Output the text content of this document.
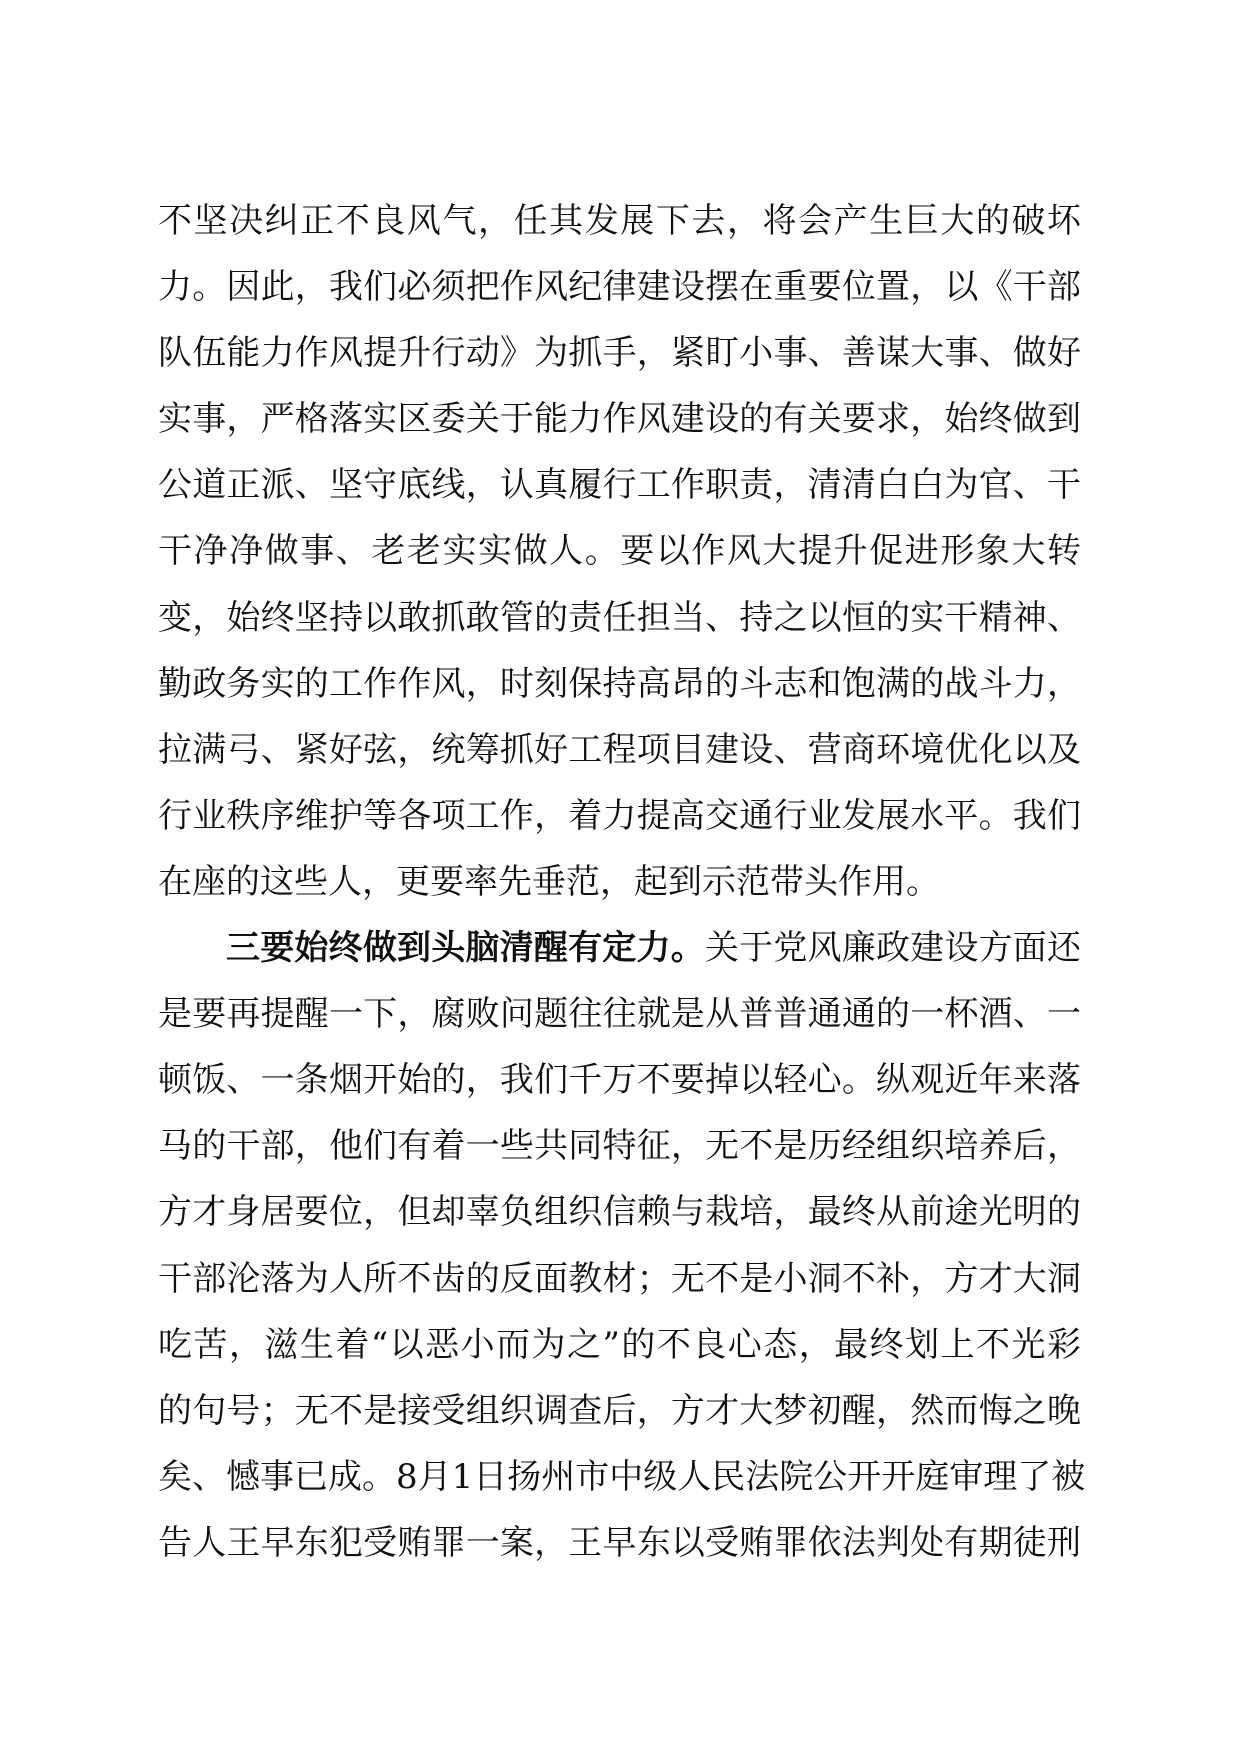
不坚决纠正不良风气，任其发展下去，将会产生巨大的破坏
力。因此，我们必须把作风纪律建设摆在重要位置，以《干部
队伍能力作风提升行动》为抓手，紧盯小事、善谋大事、做好
实事，严格落实区委关于能力作风建设的有关要求，始终做到
公道正派、坚守底线，认真履行工作职责，清清白白为官、干
干净净做事、老老实实做人。要以作风大提升促进形象大转
变，始终坚持以敢抓敢管的责任担当、持之以恒的实干精神、
勤政务实的工作作风，时刻保持高昂的斗志和饱满的战斗力，
拉满弓、紧好弦，统筹抓好工程项目建设、营商环境优化以及
行业秩序维护等各项工作，着力提高交通行业发展水平。我们
在座的这些人，更要率先垂范，起到示范带头作用。
三要始终做到头脑清醒有定力。关于党风廉政建设方面还
是要再提醒一下，腐败问题往往就是从普普通通的一杯酒、一
顿饭、一条烟开始的，我们千万不要掉以轻心。纵观近年来落
马的干部，他们有着一些共同特征，无不是历经组织培养后，
方才身居要位，但却辜负组织信赖与栽培，最终从前途光明的
干部沦落为人所不齿的反面教材；无不是小洞不补，方才大洞
吃苦，滋生着“以恶小而为之”的不良心态，最终划上不光彩
的句号；无不是接受组织调查后，方才大梦初醒，然而悔之晚
矣、憾事已成。8月1日扬州市中级人民法院公开开庭审理了被
告人王早东犯受贿罪一案，王早东以受贿罪依法判处有期徒刑
